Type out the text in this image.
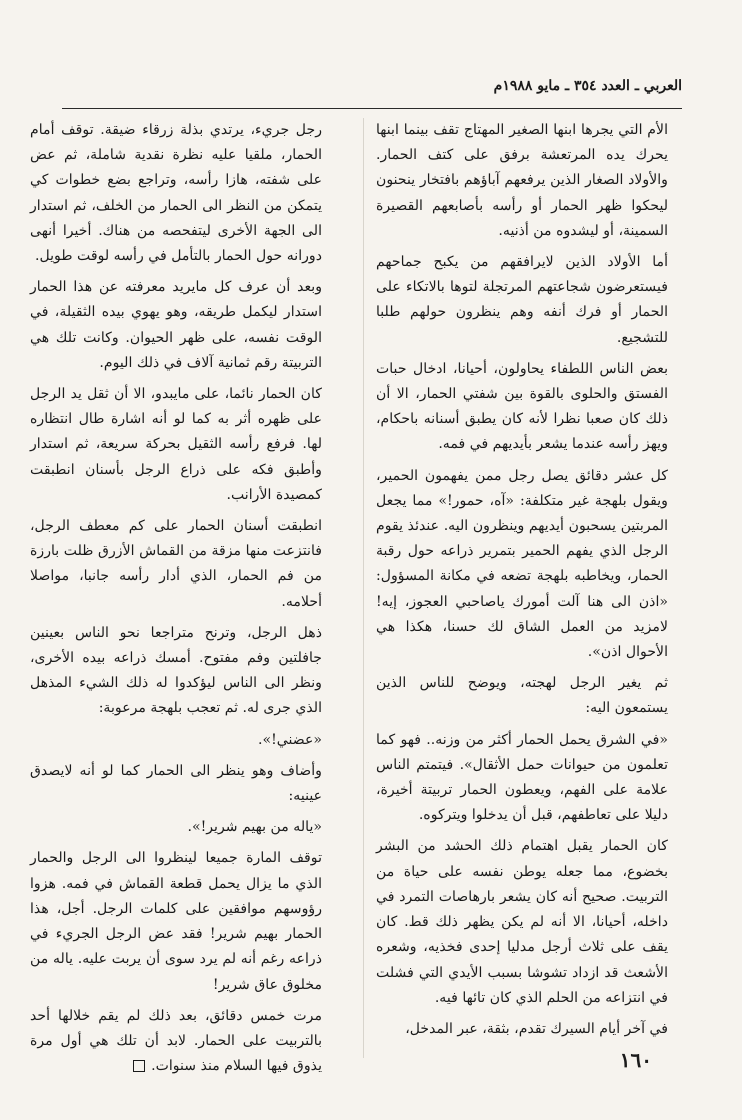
العربي ـ العدد ٣٥٤ ـ مايو ١٩٨٨م

الأم التي يجرها ابنها الصغير المهتاج تقف بينما ابنها يحرك يده المرتعشة برفق على كتف الحمار. والأولاد الصغار الذين يرفعهم آباؤهم بافتخار ينحنون ليحكوا ظهر الحمار أو رأسه بأصابعهم القصيرة السمينة، أو ليشدوه من أذنيه.

أما الأولاد الذين لايرافقهم من يكبح جماحهم فيستعرضون شجاعتهم المرتجلة لتوها بالاتكاء على الحمار أو فرك أنفه وهم ينظرون حولهم طلبا للتشجيع.

بعض الناس اللطفاء يحاولون، أحيانا، ادخال حبات الفستق والحلوى بالقوة بين شفتي الحمار، الا أن ذلك كان صعبا نظرا لأنه كان يطبق أسنانه باحكام، ويهز رأسه عندما يشعر بأيديهم في فمه.

كل عشر دقائق يصل رجل ممن يفهمون الحمير، ويقول بلهجة غير متكلفة: «آه، حمور!» مما يجعل المربتين يسحبون أيديهم وينظرون اليه. عندئذ يقوم الرجل الذي يفهم الحمير بتمرير ذراعه حول رقبة الحمار، ويخاطبه بلهجة تضعه في مكانة المسؤول: «اذن الى هنا آلت أمورك ياصاحبي العجوز، إيه! لامزيد من العمل الشاق لك حسنا، هكذا هي الأحوال اذن».

ثم يغير الرجل لهجته، ويوضح للناس الذين يستمعون اليه:

«في الشرق يحمل الحمار أكثر من وزنه.. فهو كما تعلمون من حيوانات حمل الأثقال». فيتمتم الناس علامة على الفهم، ويعطون الحمار تربيتة أخيرة، دليلا على تعاطفهم، قبل أن يدخلوا ويتركوه.

كان الحمار يقبل اهتمام ذلك الحشد من البشر بخضوع، مما جعله يوطن نفسه على حياة من التربيت. صحيح أنه كان يشعر بارهاصات التمرد في داخله، أحيانا، الا أنه لم يكن يظهر ذلك قط. كان يقف على ثلاث أرجل مدليا إحدى فخذيه، وشعره الأشعث قد ازداد تشوشا بسبب الأيدي التي فشلت في انتزاعه من الحلم الذي كان تائها فيه.

في آخر أيام السيرك تقدم، بثقة، عبر المدخل،

رجل جريء، يرتدي بذلة زرقاء ضيقة. توقف أمام الحمار، ملقيا عليه نظرة نقدية شاملة، ثم عض على شفته، هازا رأسه، وتراجع بضع خطوات كي يتمكن من النظر الى الحمار من الخلف، ثم استدار الى الجهة الأخرى ليتفحصه من هناك. أخيرا أنهى دورانه حول الحمار بالتأمل في رأسه لوقت طويل.

وبعد أن عرف كل مايريد معرفته عن هذا الحمار استدار ليكمل طريقه، وهو يهوي بيده الثقيلة، في الوقت نفسه، على ظهر الحيوان. وكانت تلك هي التربيتة رقم ثمانية آلاف في ذلك اليوم.

كان الحمار نائما، على مايبدو، الا أن ثقل يد الرجل على ظهره أثر به كما لو أنه اشارة طال انتظاره لها. فرفع رأسه الثقيل بحركة سريعة، ثم استدار وأطبق فكه على ذراع الرجل بأسنان انطبقت كمصيدة الأرانب.

انطبقت أسنان الحمار على كم معطف الرجل، فانتزعت منها مزقة من القماش الأزرق ظلت بارزة من فم الحمار، الذي أدار رأسه جانبا، مواصلا أحلامه.

ذهل الرجل، وترنح متراجعا نحو الناس بعينين جافلتين وفم مفتوح. أمسك ذراعه بيده الأخرى، ونظر الى الناس ليؤكدوا له ذلك الشيء المذهل الذي جرى له. ثم تعجب بلهجة مرعوبة:

«عضني!».

وأضاف وهو ينظر الى الحمار كما لو أنه لايصدق عينيه:

«ياله من بهيم شرير!».

توقف المارة جميعا لينظروا الى الرجل والحمار الذي ما يزال يحمل قطعة القماش في فمه. هزوا رؤوسهم موافقين على كلمات الرجل. أجل، هذا الحمار بهيم شرير! فقد عض الرجل الجريء في ذراعه رغم أنه لم يرد سوى أن يربت عليه. ياله من مخلوق عاق شرير!

مرت خمس دقائق، بعد ذلك لم يقم خلالها أحد بالتربيت على الحمار. لابد أن تلك هي أول مرة يذوق فيها السلام منذ سنوات.	١٦٠
